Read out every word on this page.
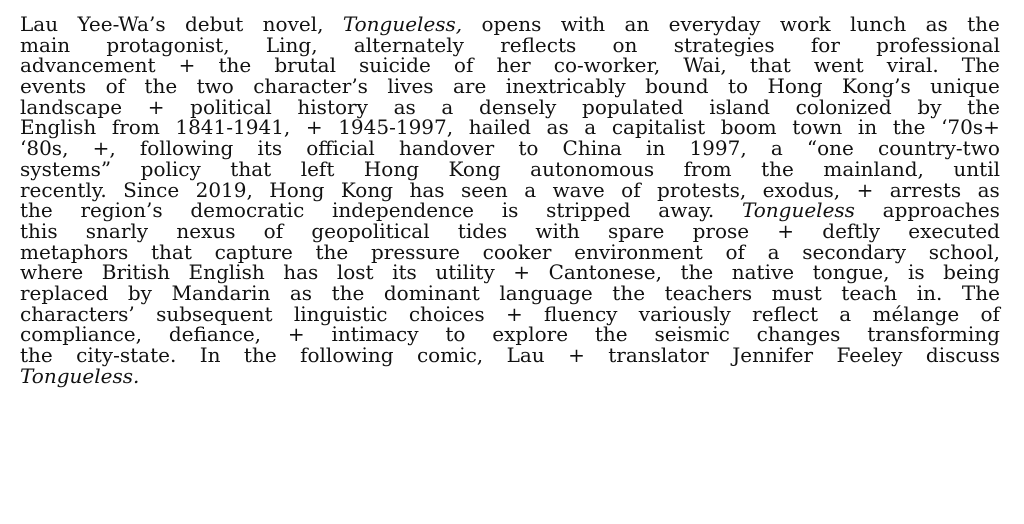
Lau Yee-Wa’s debut novel, Tongueless, opens with an everyday work lunch as the
main protagonist, Ling, alternately reflects on strategies for professional
advancement + the brutal suicide of her co-worker, Wai, that went viral. The
events of the two character’s lives are inextricably bound to Hong Kong’s unique
landscape + political history as a densely populated island colonized by the
English from 1841-1941, + 1945-1997, hailed as a capitalist boom town in the ‘70s+
‘80s, +, following its official handover to China in 1997, a “one country-two
systems” policy that left Hong Kong autonomous from the mainland, until
recently. Since 2019, Hong Kong has seen a wave of protests, exodus, + arrests as
the region’s democratic independence is stripped away. Tongueless approaches
this snarly nexus of geopolitical tides with spare prose + deftly executed
metaphors that capture the pressure cooker environment of a secondary school,
where British English has lost its utility + Cantonese, the native tongue, is being
replaced by Mandarin as the dominant language the teachers must teach in. The
characters’ subsequent linguistic choices + fluency variously reflect a mélange of
compliance, defiance, + intimacy to explore the seismic changes transforming
the city-state. In the following comic, Lau + translator Jennifer Feeley discuss
Tongueless.
